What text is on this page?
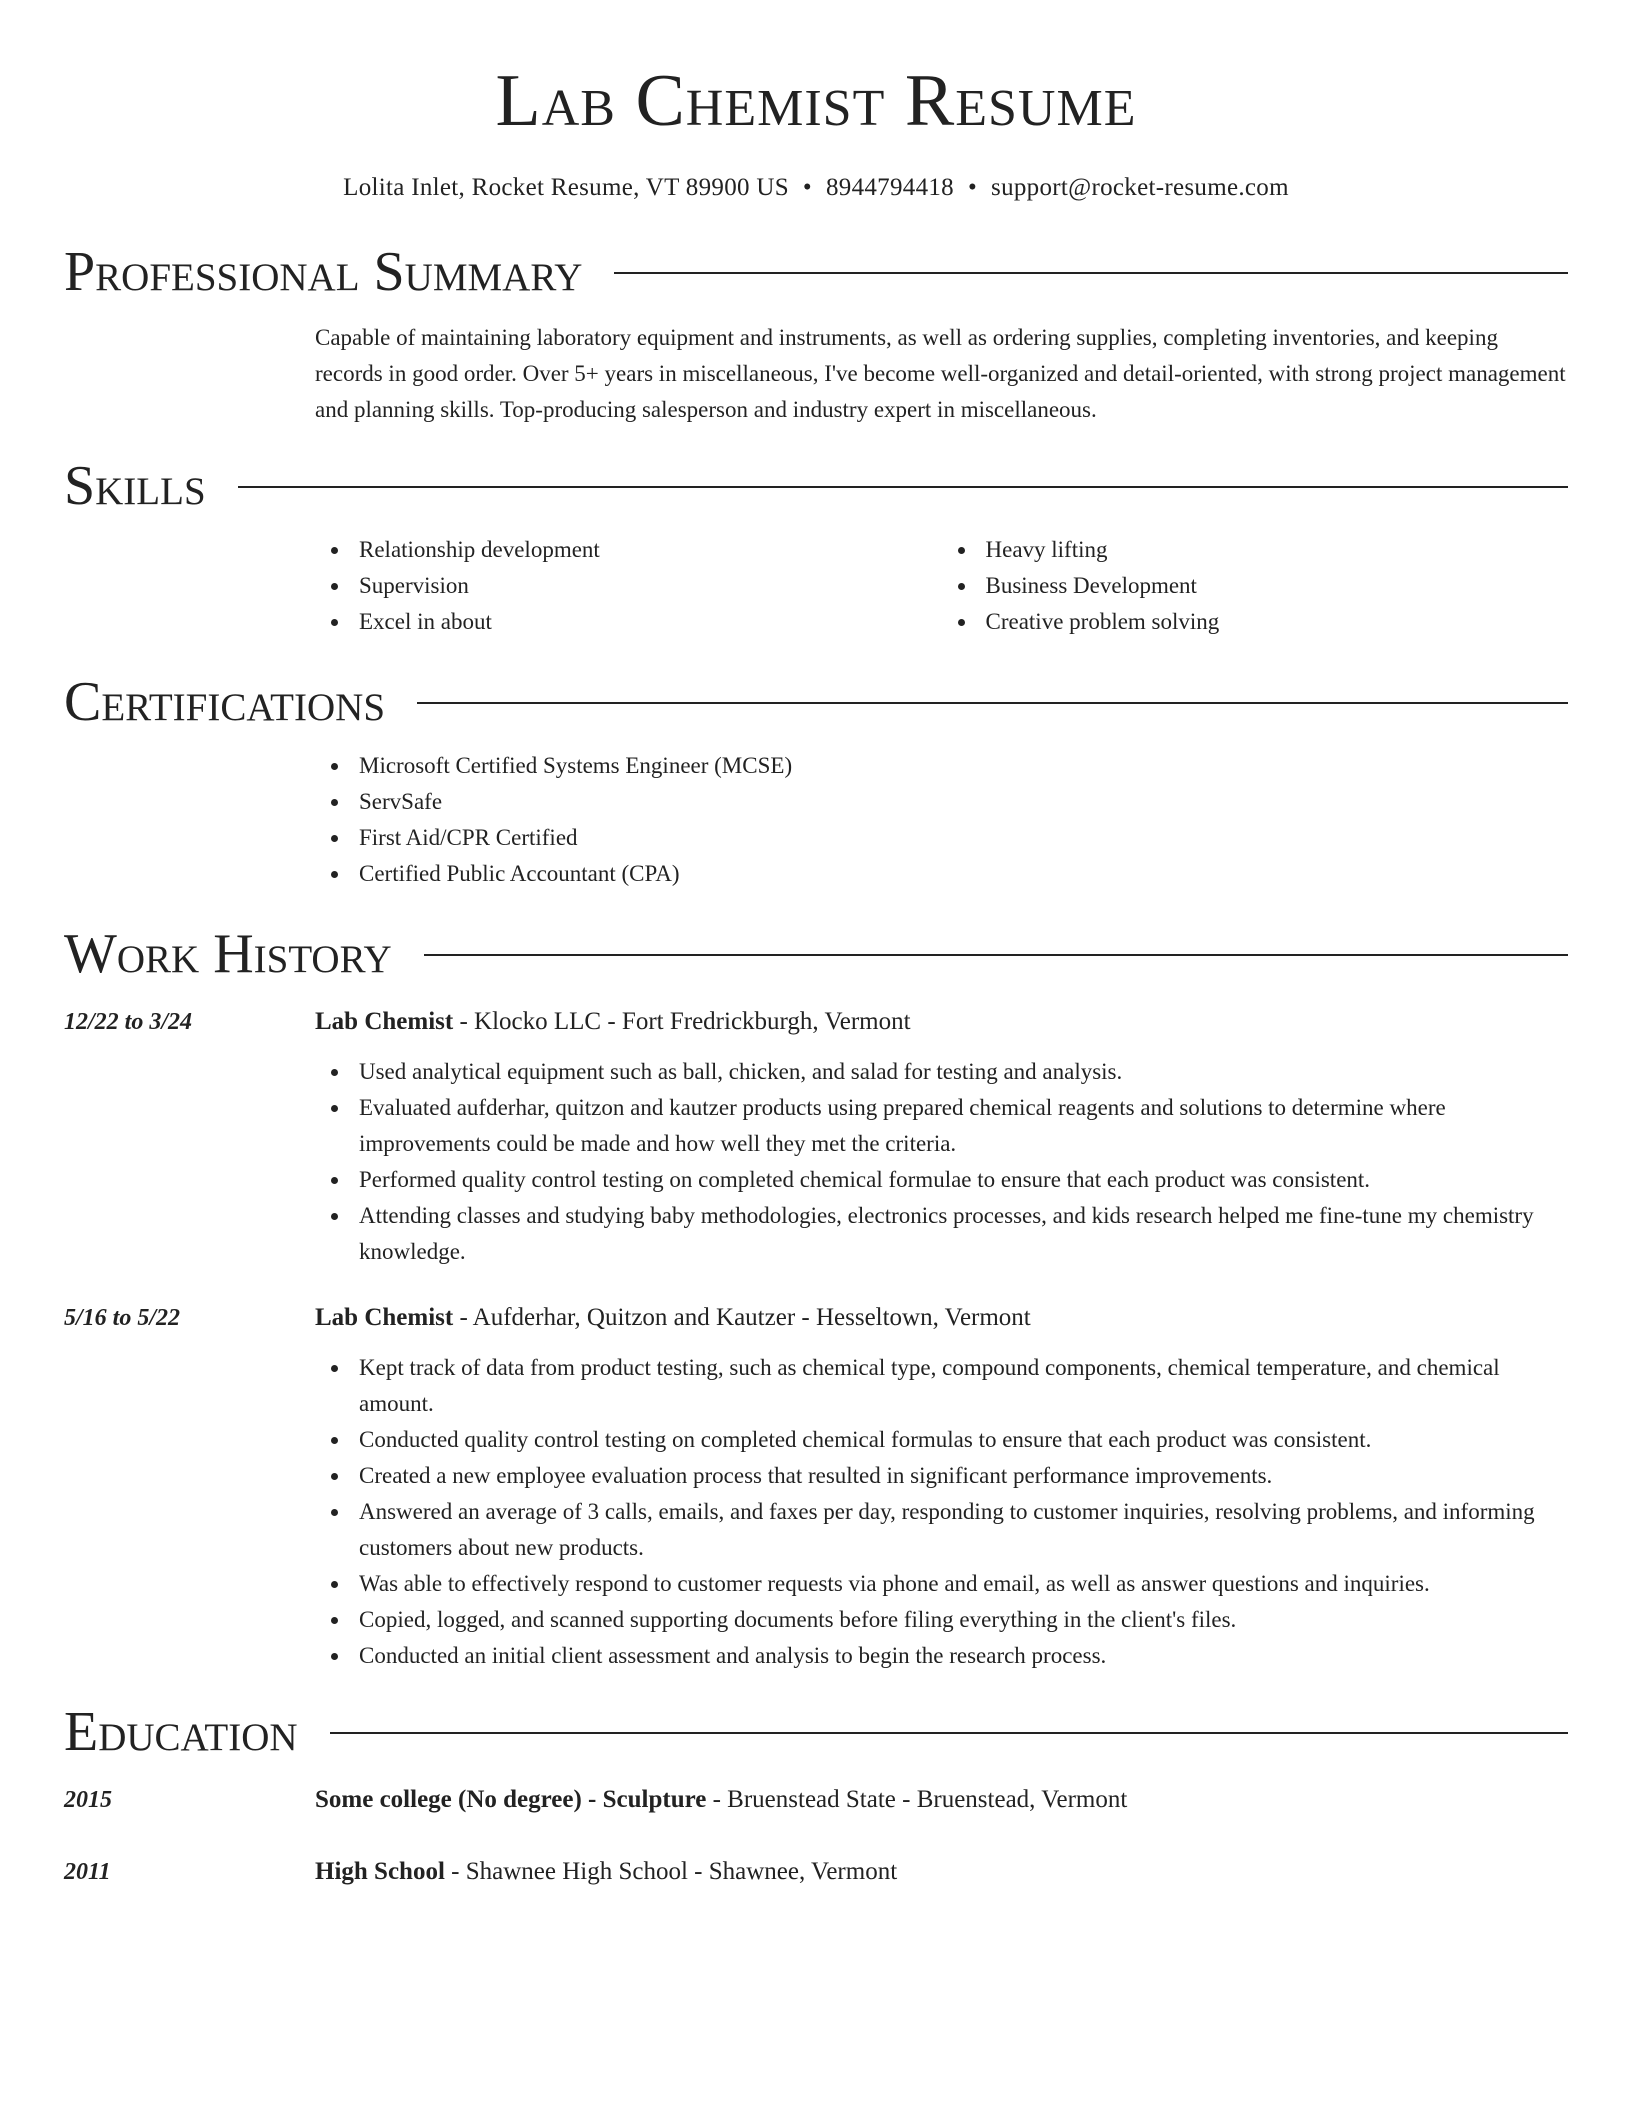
Lab Chemist Resume
Lolita Inlet, Rocket Resume, VT 89900 US • 8944794418 • support@rocket-resume.com
Professional Summary
Capable of maintaining laboratory equipment and instruments, as well as ordering supplies, completing inventories, and keeping records in good order. Over 5+ years in miscellaneous, I've become well-organized and detail-oriented, with strong project management and planning skills. Top-producing salesperson and industry expert in miscellaneous.
Skills
Relationship development
Supervision
Excel in about
Heavy lifting
Business Development
Creative problem solving
Certifications
Microsoft Certified Systems Engineer (MCSE)
ServSafe
First Aid/CPR Certified
Certified Public Accountant (CPA)
Work History
12/22 to 3/24	Lab Chemist - Klocko LLC - Fort Fredrickburgh, Vermont
Used analytical equipment such as ball, chicken, and salad for testing and analysis.
Evaluated aufderhar, quitzon and kautzer products using prepared chemical reagents and solutions to determine where improvements could be made and how well they met the criteria.
Performed quality control testing on completed chemical formulae to ensure that each product was consistent.
Attending classes and studying baby methodologies, electronics processes, and kids research helped me fine-tune my chemistry knowledge.
5/16 to 5/22	Lab Chemist - Aufderhar, Quitzon and Kautzer - Hesseltown, Vermont
Kept track of data from product testing, such as chemical type, compound components, chemical temperature, and chemical amount.
Conducted quality control testing on completed chemical formulas to ensure that each product was consistent.
Created a new employee evaluation process that resulted in significant performance improvements.
Answered an average of 3 calls, emails, and faxes per day, responding to customer inquiries, resolving problems, and informing customers about new products.
Was able to effectively respond to customer requests via phone and email, as well as answer questions and inquiries.
Copied, logged, and scanned supporting documents before filing everything in the client's files.
Conducted an initial client assessment and analysis to begin the research process.
Education
2015	Some college (No degree) - Sculpture - Bruenstead State - Bruenstead, Vermont
2011	High School - Shawnee High School - Shawnee, Vermont
